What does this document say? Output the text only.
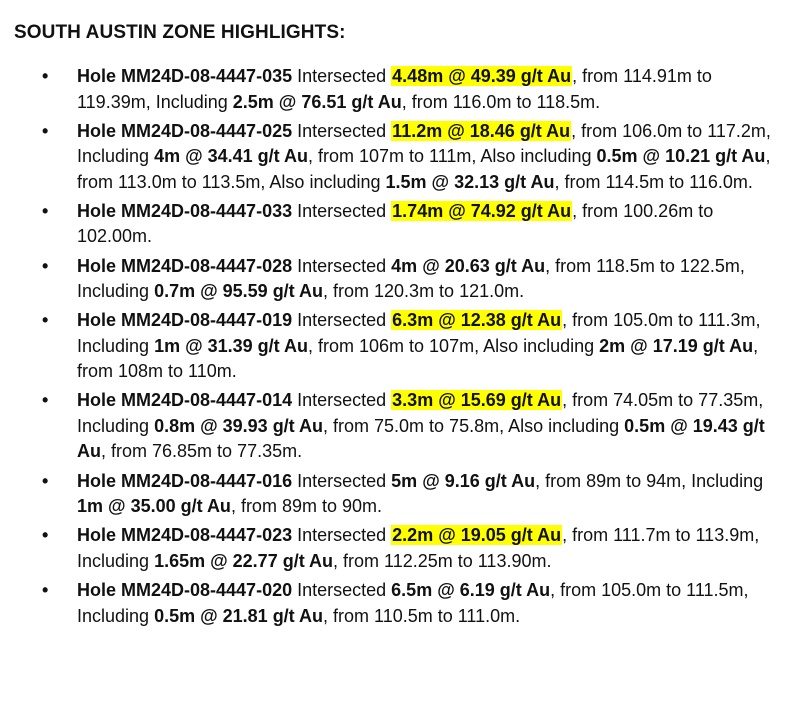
SOUTH AUSTIN ZONE HIGHLIGHTS:
• Hole MM24D-08-4447-035 Intersected 4.48m @ 49.39 g/t Au, from 114.91m to 119.39m, Including 2.5m @ 76.51 g/t Au, from 116.0m to 118.5m.
• Hole MM24D-08-4447-025 Intersected 11.2m @ 18.46 g/t Au, from 106.0m to 117.2m, Including 4m @ 34.41 g/t Au, from 107m to 111m, Also including 0.5m @ 10.21 g/t Au, from 113.0m to 113.5m, Also including 1.5m @ 32.13 g/t Au, from 114.5m to 116.0m.
• Hole MM24D-08-4447-033 Intersected 1.74m @ 74.92 g/t Au, from 100.26m to 102.00m.
• Hole MM24D-08-4447-028 Intersected 4m @ 20.63 g/t Au, from 118.5m to 122.5m, Including 0.7m @ 95.59 g/t Au, from 120.3m to 121.0m.
• Hole MM24D-08-4447-019 Intersected 6.3m @ 12.38 g/t Au, from 105.0m to 111.3m, Including 1m @ 31.39 g/t Au, from 106m to 107m, Also including 2m @ 17.19 g/t Au, from 108m to 110m.
• Hole MM24D-08-4447-014 Intersected 3.3m @ 15.69 g/t Au, from 74.05m to 77.35m, Including 0.8m @ 39.93 g/t Au, from 75.0m to 75.8m, Also including 0.5m @ 19.43 g/t Au, from 76.85m to 77.35m.
• Hole MM24D-08-4447-016 Intersected 5m @ 9.16 g/t Au, from 89m to 94m, Including 1m @ 35.00 g/t Au, from 89m to 90m.
• Hole MM24D-08-4447-023 Intersected 2.2m @ 19.05 g/t Au, from 111.7m to 113.9m, Including 1.65m @ 22.77 g/t Au, from 112.25m to 113.90m.
• Hole MM24D-08-4447-020 Intersected 6.5m @ 6.19 g/t Au, from 105.0m to 111.5m, Including 0.5m @ 21.81 g/t Au, from 110.5m to 111.0m.
